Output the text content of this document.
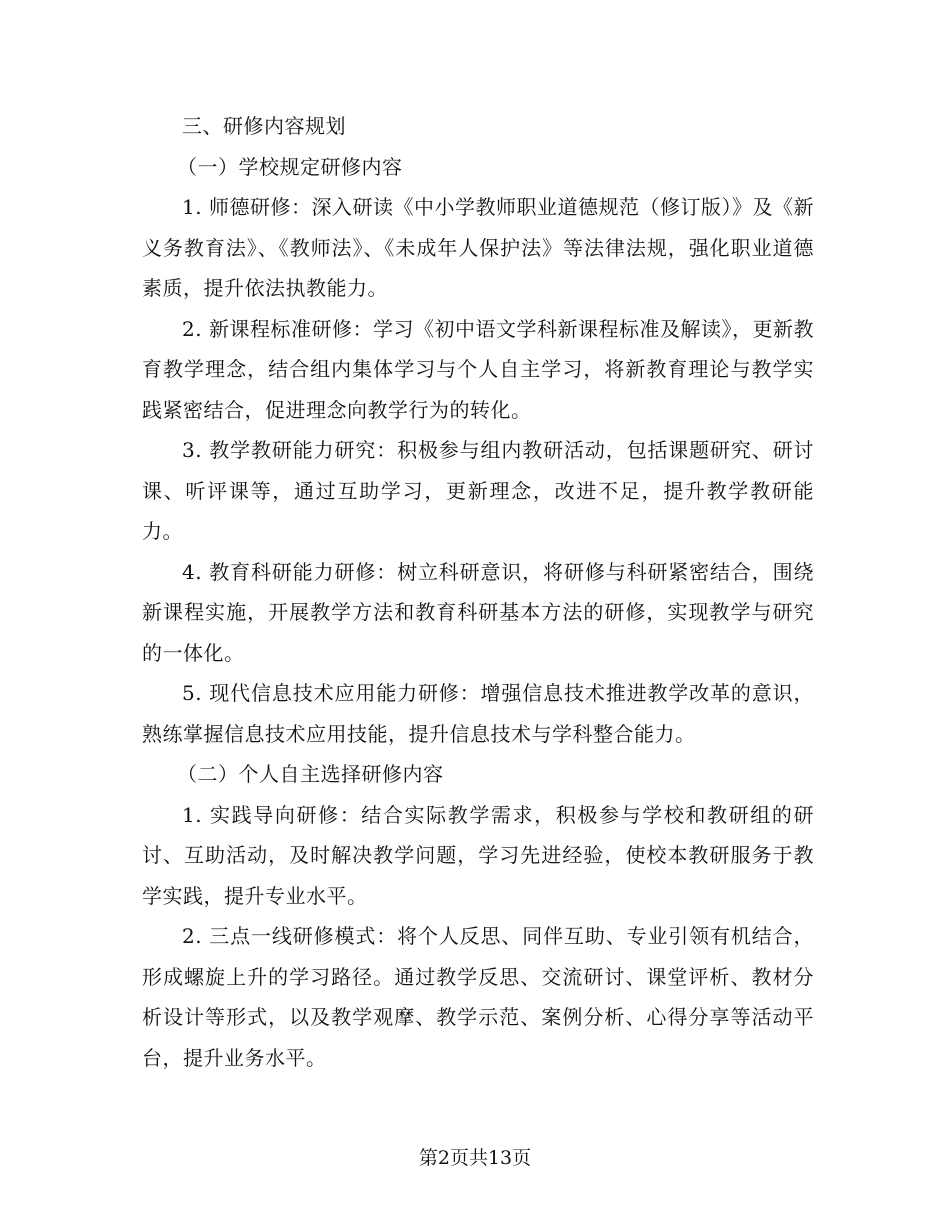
三、研修内容规划

（一）学校规定研修内容

1. 师德研修：深入研读《中小学教师职业道德规范（修订版）》及《新义务教育法》、《教师法》、《未成年人保护法》等法律法规，强化职业道德素质，提升依法执教能力。

2. 新课程标准研修：学习《初中语文学科新课程标准及解读》，更新教育教学理念，结合组内集体学习与个人自主学习，将新教育理论与教学实践紧密结合，促进理念向教学行为的转化。

3. 教学教研能力研究：积极参与组内教研活动，包括课题研究、研讨课、听评课等，通过互助学习，更新理念，改进不足，提升教学教研能力。

4. 教育科研能力研修：树立科研意识，将研修与科研紧密结合，围绕新课程实施，开展教学方法和教育科研基本方法的研修，实现教学与研究的一体化。

5. 现代信息技术应用能力研修：增强信息技术推进教学改革的意识，熟练掌握信息技术应用技能，提升信息技术与学科整合能力。

（二）个人自主选择研修内容

1. 实践导向研修：结合实际教学需求，积极参与学校和教研组的研讨、互助活动，及时解决教学问题，学习先进经验，使校本教研服务于教学实践，提升专业水平。

2. 三点一线研修模式：将个人反思、同伴互助、专业引领有机结合，形成螺旋上升的学习路径。通过教学反思、交流研讨、课堂评析、教材分析设计等形式，以及教学观摩、教学示范、案例分析、心得分享等活动平台，提升业务水平。

第2页共13页
